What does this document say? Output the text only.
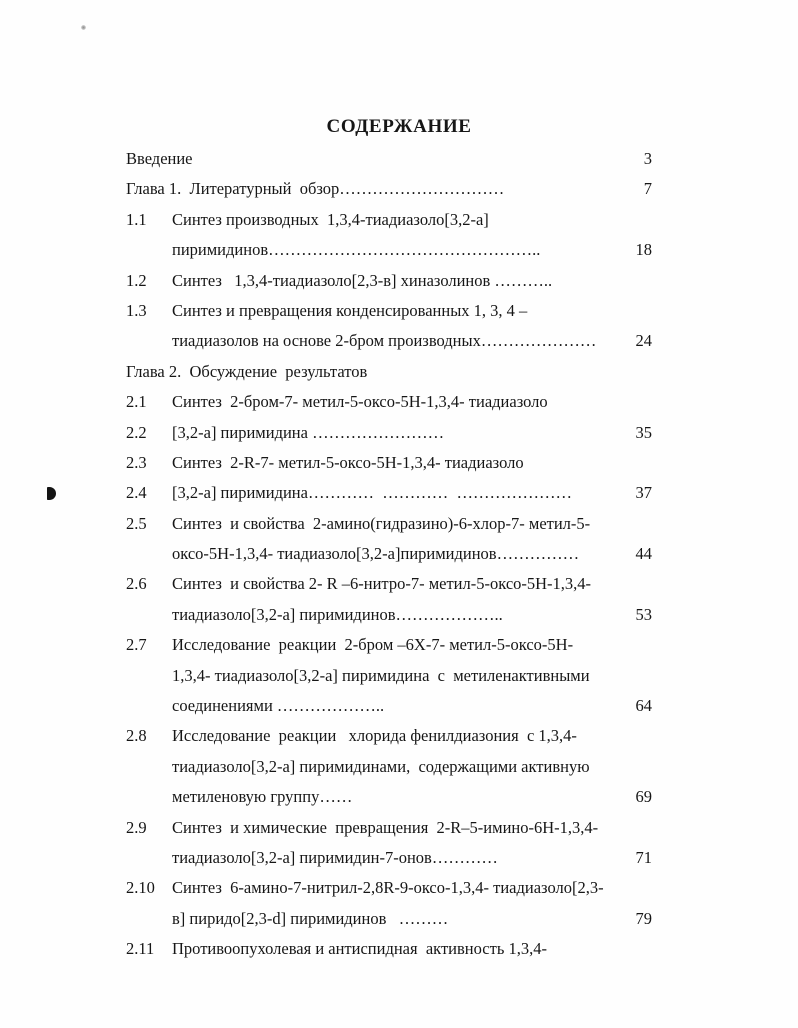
СОДЕРЖАНИЕ
Введение	3
Глава 1.  Литературный  обзор…………………………	7
1.1	Синтез производных  1,3,4-тиадиазоло[3,2-а]
пиримидинов…………………………………………..	18
1.2	Синтез   1,3,4-тиадиазоло[2,3-в] хиназолинов ………..
1.3	Синтез и превращения конденсированных 1, 3, 4 –
тиадиазолов на основе 2-бром производных…………………	24
Глава 2.  Обсуждение  результатов
2.1	Синтез  2-бром-7- метил-5-оксо-5Н-1,3,4- тиадиазоло
2.2	[3,2-а] пиримидина ……………………	35
2.3	Синтез  2-R-7- метил-5-оксо-5Н-1,3,4- тиадиазоло
2.4	[3,2-а] пиримидина…………  …………  …………………	37
2.5	Синтез  и свойства  2-амино(гидразино)-6-хлор-7- метил-5-
оксо-5Н-1,3,4- тиадиазоло[3,2-а]пиримидинов……………	44
2.6	Синтез  и свойства 2- R –6-нитро-7- метил-5-оксо-5Н-1,3,4-
тиадиазоло[3,2-а] пиримидинов………………..	53
2.7	Исследование  реакции  2-бром –6Х-7- метил-5-оксо-5Н-
1,3,4- тиадиазоло[3,2-а] пиримидина  с  метиленактивными
соединениями ………………..	64
2.8	Исследование  реакции   хлорида фенилдиазония  с 1,3,4-
тиадиазоло[3,2-а] пиримидинами,  содержащими активную
метиленовую группу……	69
2.9	Синтез  и химические  превращения  2-R–5-имино-6Н-1,3,4-
тиадиазоло[3,2-а] пиримидин-7-онов…………	71
2.10	Синтез  6-амино-7-нитрил-2,8R-9-оксо-1,3,4- тиадиазоло[2,3-
в] пиридо[2,3-d] пиримидинов   ………	79
2.11	Противоопухолевая и антиспидная  активность 1,3,4-
